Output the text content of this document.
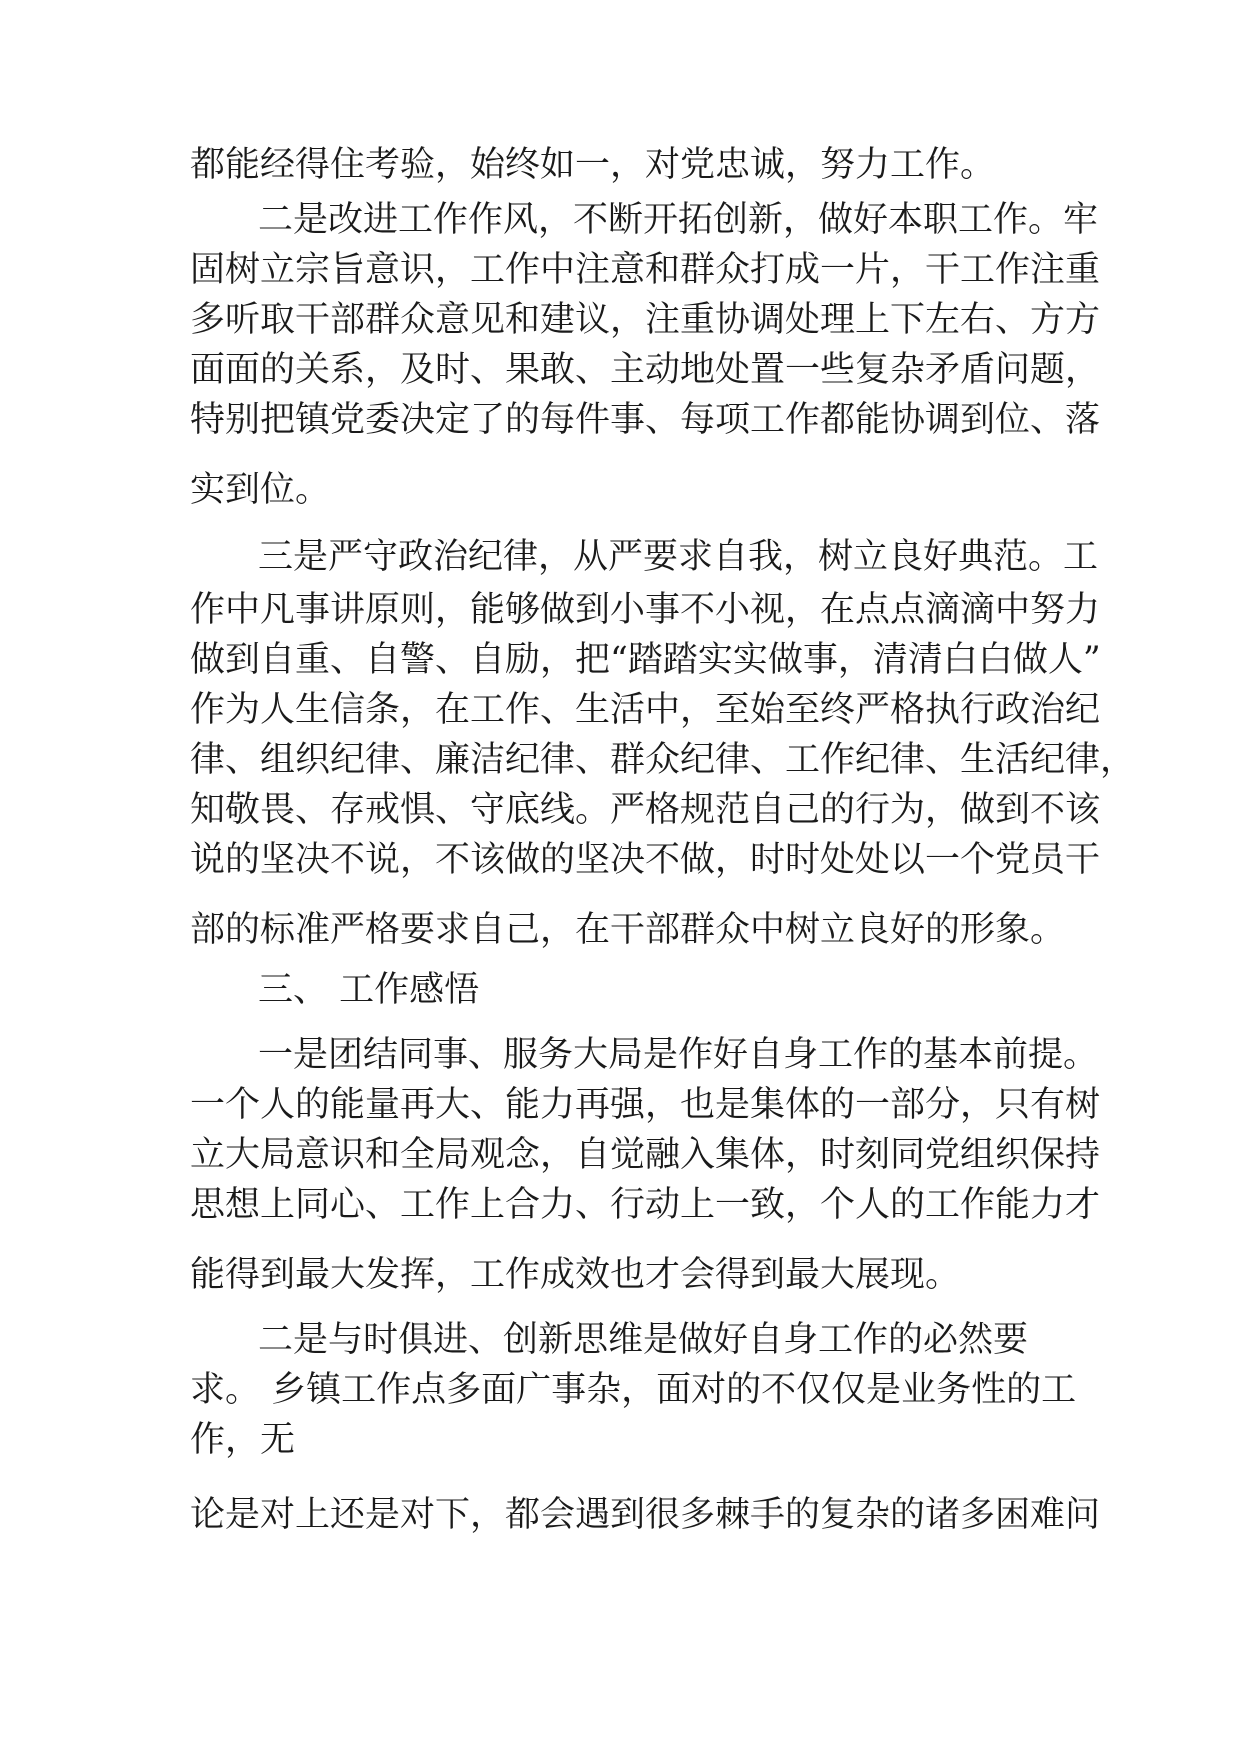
都能经得住考验，始终如一，对党忠诚，努力工作。
二是改进工作作风，不断开拓创新，做好本职工作。牢
固树立宗旨意识，工作中注意和群众打成一片，干工作注重
多听取干部群众意见和建议，注重协调处理上下左右、方方
面面的关系，及时、果敢、主动地处置一些复杂矛盾问题，
特别把镇党委决定了的每件事、每项工作都能协调到位、落
实到位。
三是严守政治纪律，从严要求自我，树立良好典范。工
作中凡事讲原则，能够做到小事不小视，在点点滴滴中努力
做到自重、自警、自励，把“踏踏实实做事，清清白白做人”
作为人生信条，在工作、生活中，至始至终严格执行政治纪
律、组织纪律、廉洁纪律、群众纪律、工作纪律、生活纪律，
知敬畏、存戒惧、守底线。严格规范自己的行为，做到不该
说的坚决不说，不该做的坚决不做，时时处处以一个党员干
部的标准严格要求自己，在干部群众中树立良好的形象。
三、 工作感悟
一是团结同事、服务大局是作好自身工作的基本前提。
一个人的能量再大、能力再强，也是集体的一部分，只有树
立大局意识和全局观念，自觉融入集体，时刻同党组织保持
思想上同心、工作上合力、行动上一致，个人的工作能力才
能得到最大发挥，工作成效也才会得到最大展现。
二是与时俱进、创新思维是做好自身工作的必然要
求。 乡镇工作点多面广事杂，面对的不仅仅是业务性的工
作，无
论是对上还是对下，都会遇到很多棘手的复杂的诸多困难问
